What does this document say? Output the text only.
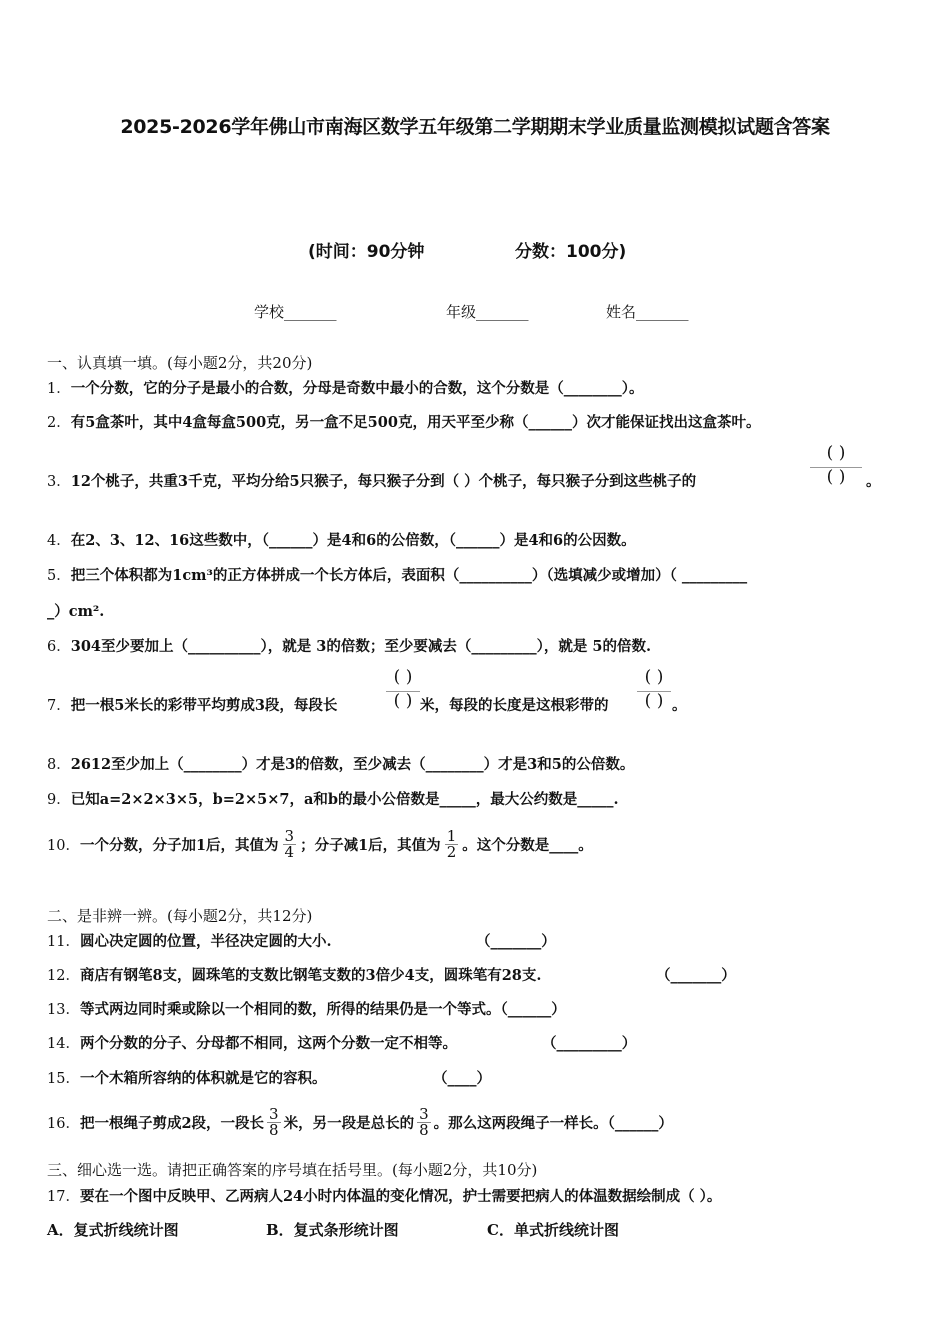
2025-2026学年佛山市南海区数学五年级第二学期期末学业质量监测模拟试题含答案
(时间：90分钟	分数：100分)
学校_______	年级_______	姓名_______
一、认真填一填。(每小题2分，共20分)
1．一个分数，它的分子是最小的合数，分母是奇数中最小的合数，这个分数是（________）。
2．有5盒茶叶，其中4盒每盒500克，另一盒不足500克，用天平至少称（______）次才能保证找出这盒茶叶。
3．12个桃子，共重3千克，平均分给5只猴子，每只猴子分到（ ）个桃子，每只猴子分到这些桃子的
( )
( )	。
4．在2、3、12、16这些数中，（______）是4和6的公倍数，（______）是4和6的公因数。
5．把三个体积都为1cm³的正方体拼成一个长方体后，表面积（__________）（选填减少或增加）（ _________
_）cm².
6．304至少要加上（__________），就是 3的倍数；至少要减去（_________），就是 5的倍数.
7．把一根5米长的彩带平均剪成3段，每段长
( )
( ) 米，每段的长度是这根彩带的
( )
( ) 。
8．2612至少加上（________）才是3的倍数，至少减去（________）才是3和5的公倍数。
9．已知a=2×2×3×5，b=2×5×7，a和b的最小公倍数是_____，最大公约数是_____.
10． 一个分数，分子加1后，其值为 $\frac{3}{4}$ ；分子减1后，其值为 $\frac{1}{2}$ 。这个分数是____。
二、是非辨一辨。(每小题2分，共12分)
11．圆心决定圆的位置，半径决定圆的大小.	（_______）
12．商店有钢笔8支，圆珠笔的支数比钢笔支数的3倍少4支，圆珠笔有28支.	（_______）
13．等式两边同时乘或除以一个相同的数，所得的结果仍是一个等式。（______）
14．两个分数的分子、分母都不相同，这两个分数一定不相等。	（_________）
15．一个木箱所容纳的体积就是它的容积。	（____）
16． 把一根绳子剪成2段，一段长 $\frac{3}{8}$ 米，另一段是总长的 $\frac{3}{8}$ 。那么这两段绳子一样长。（______）
三、细心选一选。请把正确答案的序号填在括号里。(每小题2分，共10分)
17．要在一个图中反映甲、乙两病人24小时内体温的变化情况，护士需要把病人的体温数据绘制成（ ）。
A．复式折线统计图	B．复式条形统计图	C．单式折线统计图
